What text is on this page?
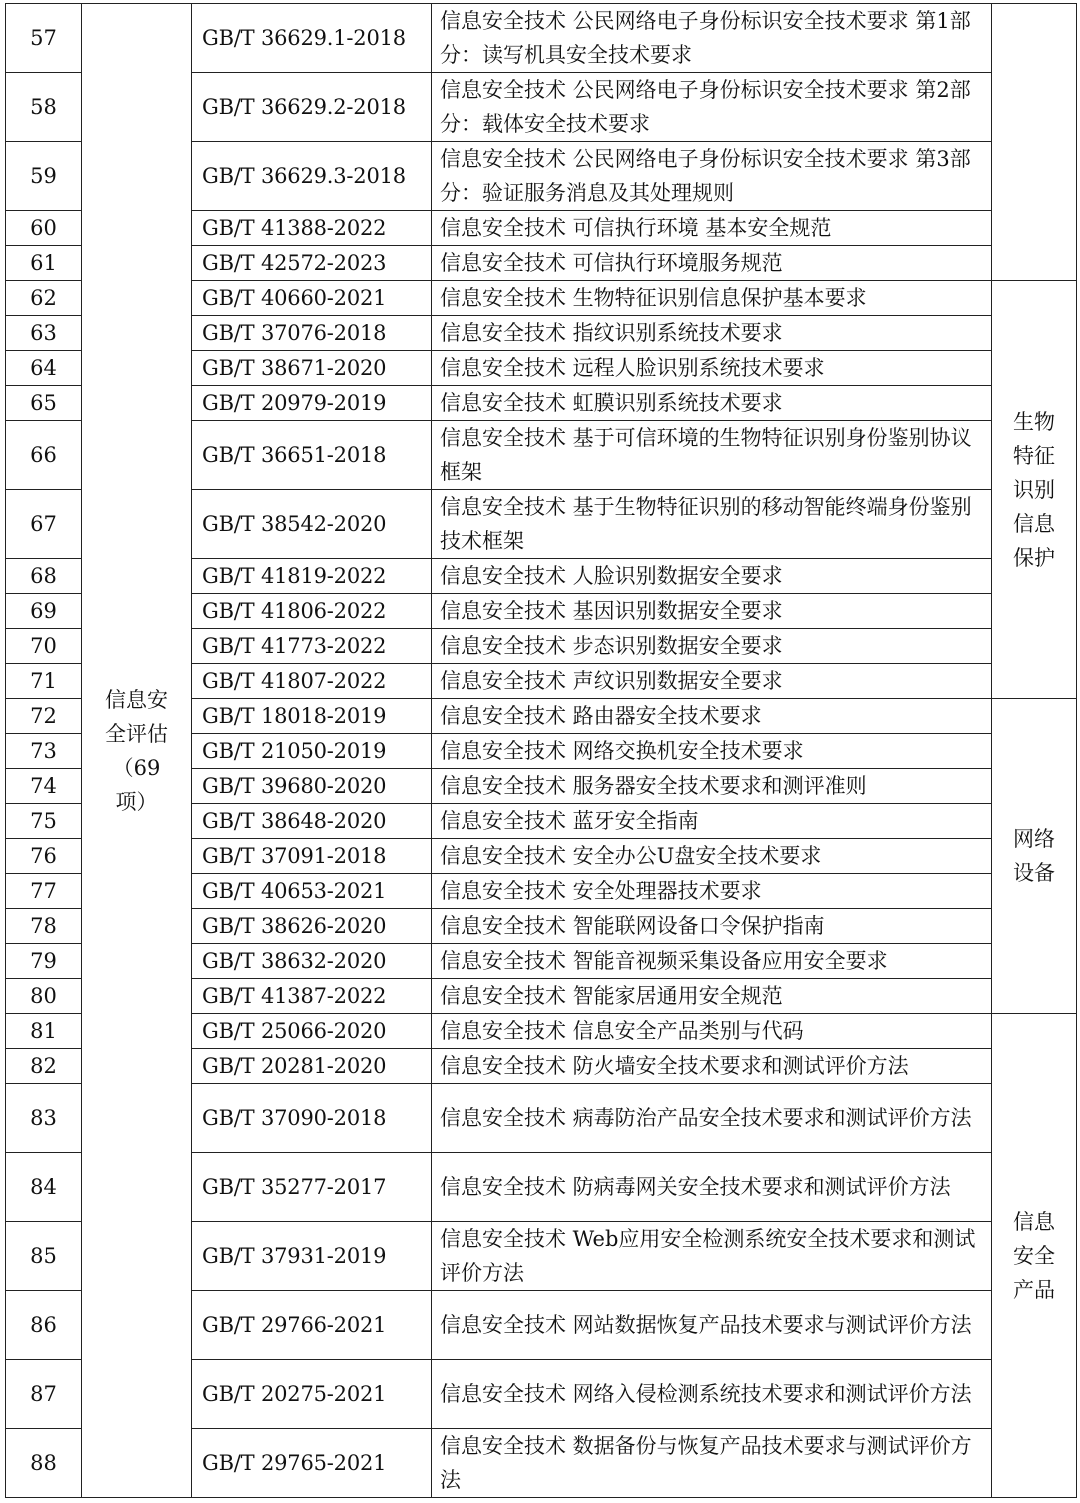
57	信息安全评估（69项）	GB/T 36629.1-2018	信息安全技术 公民网络电子身份标识安全技术要求 第1部分：读写机具安全技术要求	
58		GB/T 36629.2-2018	信息安全技术 公民网络电子身份标识安全技术要求 第2部分：载体安全技术要求	
59		GB/T 36629.3-2018	信息安全技术 公民网络电子身份标识安全技术要求 第3部分：验证服务消息及其处理规则	
60		GB/T 41388-2022	信息安全技术 可信执行环境 基本安全规范	
61		GB/T 42572-2023	信息安全技术 可信执行环境服务规范	
62		GB/T 40660-2021	信息安全技术 生物特征识别信息保护基本要求	生物特征识别信息保护
63		GB/T 37076-2018	信息安全技术 指纹识别系统技术要求	
64		GB/T 38671-2020	信息安全技术 远程人脸识别系统技术要求	
65		GB/T 20979-2019	信息安全技术 虹膜识别系统技术要求	
66		GB/T 36651-2018	信息安全技术 基于可信环境的生物特征识别身份鉴别协议框架	
67		GB/T 38542-2020	信息安全技术 基于生物特征识别的移动智能终端身份鉴别技术框架	
68		GB/T 41819-2022	信息安全技术 人脸识别数据安全要求	
69		GB/T 41806-2022	信息安全技术 基因识别数据安全要求	
70		GB/T 41773-2022	信息安全技术 步态识别数据安全要求	
71		GB/T 41807-2022	信息安全技术 声纹识别数据安全要求	
72		GB/T 18018-2019	信息安全技术 路由器安全技术要求	网络设备
73		GB/T 21050-2019	信息安全技术 网络交换机安全技术要求	
74		GB/T 39680-2020	信息安全技术 服务器安全技术要求和测评准则	
75		GB/T 38648-2020	信息安全技术 蓝牙安全指南	
76		GB/T 37091-2018	信息安全技术 安全办公U盘安全技术要求	
77		GB/T 40653-2021	信息安全技术 安全处理器技术要求	
78		GB/T 38626-2020	信息安全技术 智能联网设备口令保护指南	
79		GB/T 38632-2020	信息安全技术 智能音视频采集设备应用安全要求	
80		GB/T 41387-2022	信息安全技术 智能家居通用安全规范	
81		GB/T 25066-2020	信息安全技术 信息安全产品类别与代码	信息安全产品
82		GB/T 20281-2020	信息安全技术 防火墙安全技术要求和测试评价方法	
83		GB/T 37090-2018	信息安全技术 病毒防治产品安全技术要求和测试评价方法	
84		GB/T 35277-2017	信息安全技术 防病毒网关安全技术要求和测试评价方法	
85		GB/T 37931-2019	信息安全技术 Web应用安全检测系统安全技术要求和测试评价方法	
86		GB/T 29766-2021	信息安全技术 网站数据恢复产品技术要求与测试评价方法	
87		GB/T 20275-2021	信息安全技术 网络入侵检测系统技术要求和测试评价方法	
88		GB/T 29765-2021	信息安全技术 数据备份与恢复产品技术要求与测试评价方法	
